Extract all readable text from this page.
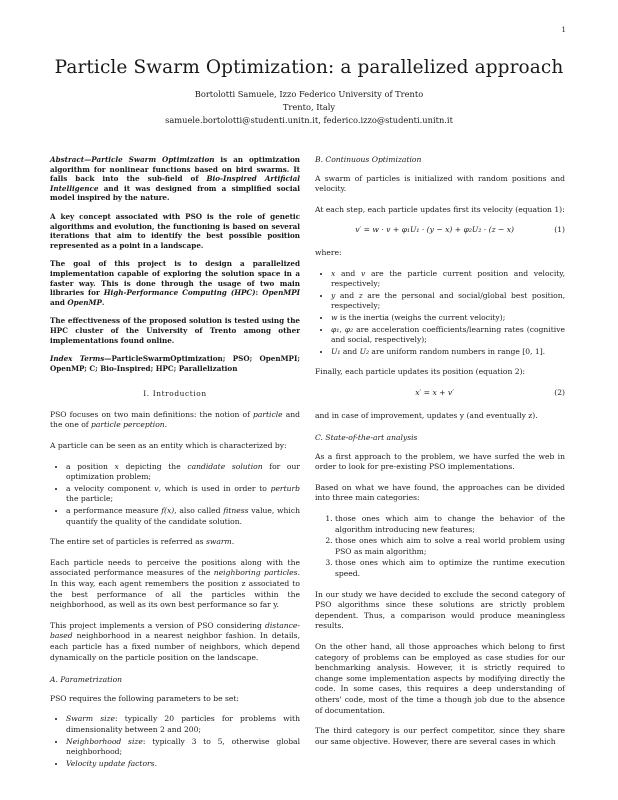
1
Particle Swarm Optimization: a parallelized approach
Bortolotti Samuele, Izzo Federico University of Trento
Trento, Italy
samuele.bortolotti@studenti.unitn.it, federico.izzo@studenti.unitn.it

Abstract—Particle Swarm Optimization is an optimization algorithm for nonlinear functions based on bird swarms. It falls back into the sub-field of Bio-Inspired Artificial Intelligence and it was designed from a simplified social model inspired by the nature.

A key concept associated with PSO is the role of genetic algorithms and evolution, the functioning is based on several iterations that aim to identify the best possible position represented as a point in a landscape.

The goal of this project is to design a parallelized implementation capable of exploring the solution space in a faster way. This is done through the usage of two main libraries for High-Performance Computing (HPC): OpenMPI and OpenMP.

The effectiveness of the proposed solution is tested using the HPC cluster of the University of Trento among other implementations found online.

Index Terms—ParticleSwarmOptimization; PSO; OpenMPI; OpenMP; C; Bio-Inspired; HPC; Parallelization

I. Introduction

PSO focuses on two main definitions: the notion of particle and the one of particle perception.

A particle can be seen as an entity which is characterized by:

• a position x depicting the candidate solution for our optimization problem;
• a velocity component v, which is used in order to perturb the particle;
• a performance measure f(x), also called fitness value, which quantify the quality of the candidate solution.

The entire set of particles is referred as swarm.

Each particle needs to perceive the positions along with the associated performance measures of the neighboring particles. In this way, each agent remembers the position z associated to the best performance of all the particles within the neighborhood, as well as its own best performance so far y.

This project implements a version of PSO considering distance-based neighborhood in a nearest neighbor fashion. In details, each particle has a fixed number of neighbors, which depend dynamically on the particle position on the landscape.

A. Parametrization

PSO requires the following parameters to be set:

• Swarm size: typically 20 particles for problems with dimensionality between 2 and 200;
• Neighborhood size: typically 3 to 5, otherwise global neighborhood;
• Velocity update factors.
B. Continuous Optimization

A swarm of particles is initialized with random positions and velocity.

At each step, each particle updates first its velocity (equation 1):

v′ = w · v + φ₁U₁ · (y − x) + φ₂U₂ · (z − x)	(1)

where:

• x and v are the particle current position and velocity, respectively;
• y and z are the personal and social/global best position, respectively;
• w is the inertia (weighs the current velocity);
• φ₁, φ₂ are acceleration coefficients/learning rates (cognitive and social, respectively);
• U₁ and U₂ are uniform random numbers in range [0, 1].

Finally, each particle updates its position (equation 2):

x′ = x + v′	(2)

and in case of improvement, updates y (and eventually z).

C. State-of-the-art analysis

As a first approach to the problem, we have surfed the web in order to look for pre-existing PSO implementations.

Based on what we have found, the approaches can be divided into three main categories:

1. those ones which aim to change the behavior of the algorithm introducing new features;
2. those ones which aim to solve a real world problem using PSO as main algorithm;
3. those ones which aim to optimize the runtime execution speed.

In our study we have decided to exclude the second category of PSO algorithms since these solutions are strictly problem dependent. Thus, a comparison would produce meaningless results.

On the other hand, all those approaches which belong to first category of problems can be employed as case studies for our benchmarking analysis. However, it is strictly required to change some implementation aspects by modifying directly the code. In some cases, this requires a deep understanding of others' code, most of the time a though job due to the absence of documentation.

The third category is our perfect competitor, since they share our same objective. However, there are several cases in which
